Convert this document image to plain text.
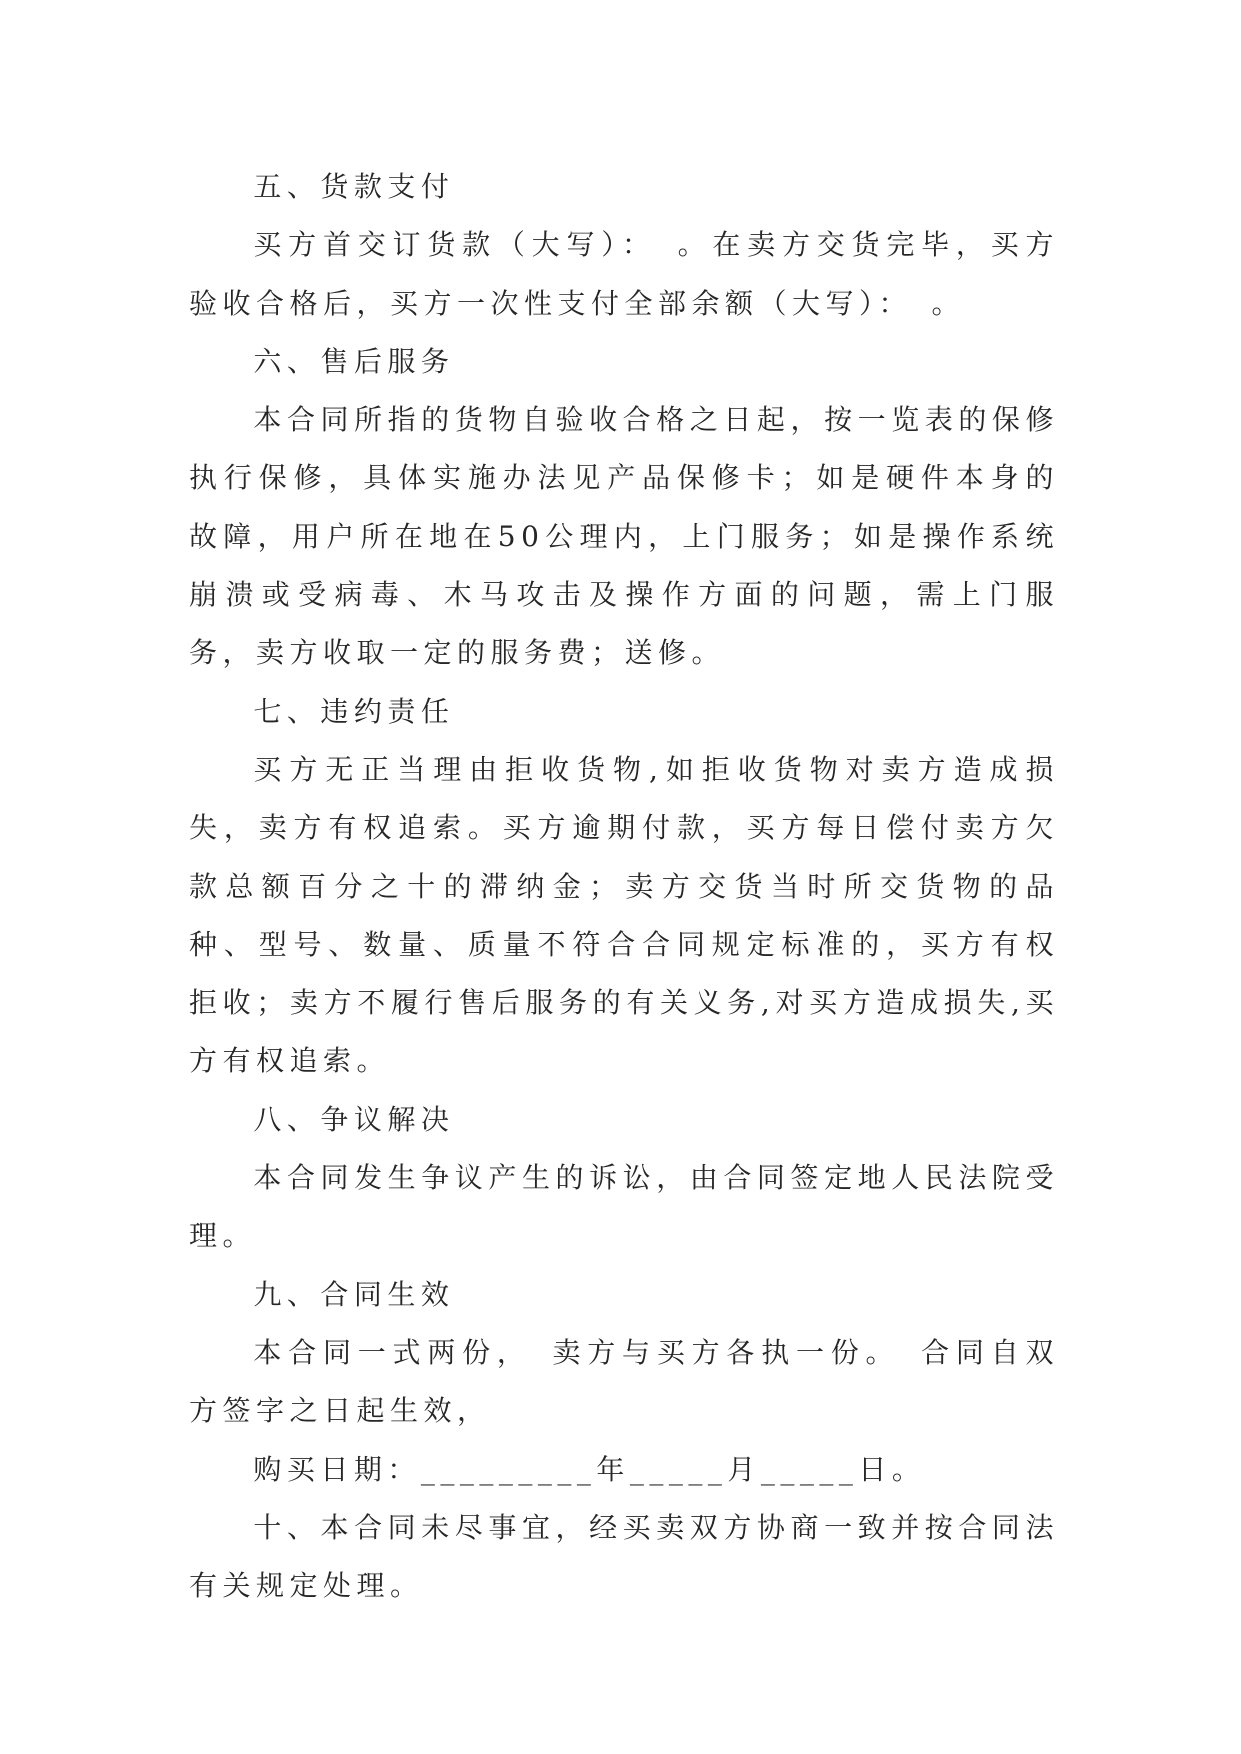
五、货款支付

买方首交订货款（大写）：　。在卖方交货完毕，买方验收合格后，买方一次性支付全部余额（大写）：　。

六、售后服务

本合同所指的货物自验收合格之日起，按一览表的保修执行保修，具体实施办法见产品保修卡；如是硬件本身的故障，用户所在地在50公理内，上门服务；如是操作系统崩溃或受病毒、木马攻击及操作方面的问题，需上门服务，卖方收取一定的服务费；送修。

七、违约责任

买方无正当理由拒收货物,如拒收货物对卖方造成损失，卖方有权追索。买方逾期付款，买方每日偿付卖方欠款总额百分之十的滞纳金；卖方交货当时所交货物的品种、型号、数量、质量不符合合同规定标准的，买方有权拒收；卖方不履行售后服务的有关义务,对买方造成损失,买方有权追索。

八、争议解决

本合同发生争议产生的诉讼，由合同签定地人民法院受理。

九、合同生效

本合同一式两份，　卖方与买方各执一份。　合同自双方签字之日起生效，

购买日期：_________年_____月_____日。

十、本合同未尽事宜，经买卖双方协商一致并按合同法有关规定处理。
